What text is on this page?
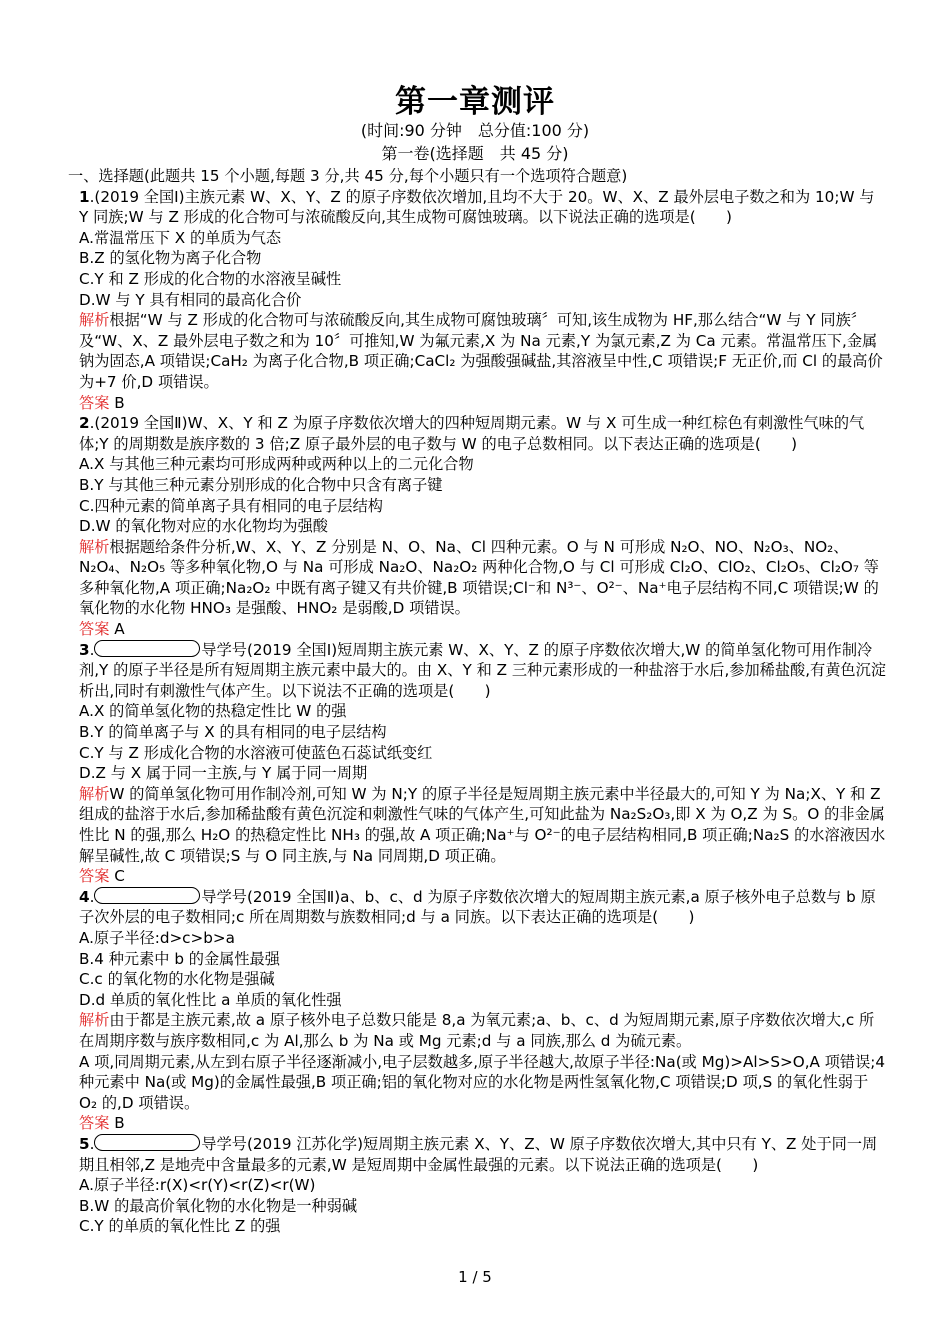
第一章测评
(时间:90 分钟　总分值:100 分)
第一卷(选择题　共 45 分)

一、选择题(此题共 15 个小题,每题 3 分,共 45 分,每个小题只有一个选项符合题意)

1.(2019 全国Ⅰ)主族元素 W、X、Y、Z 的原子序数依次增加,且均不大于 20。W、X、Z 最外层电子数之和为 10;W 与 Y 同族;W 与 Z 形成的化合物可与浓硫酸反向,其生成物可腐蚀玻璃。以下说法正确的选项是(　　)

A.常温常压下 X 的单质为气态

B.Z 的氢化物为离子化合物

C.Y 和 Z 形成的化合物的水溶液呈碱性

D.W 与 Y 具有相同的最高化合价

解析根据“W 与 Z 形成的化合物可与浓硫酸反向,其生成物可腐蚀玻璃〞可知,该生成物为 HF,那么结合“W 与 Y 同族〞及“W、X、Z 最外层电子数之和为 10〞可推知,W 为氟元素,X 为 Na 元素,Y 为氯元素,Z 为 Ca 元素。常温常压下,金属钠为固态,A 项错误;CaH₂ 为离子化合物,B 项正确;CaCl₂ 为强酸强碱盐,其溶液呈中性,C 项错误;F 无正价,而 Cl 的最高价为+7 价,D 项错误。

答案 B

2.(2019 全国Ⅱ)W、X、Y 和 Z 为原子序数依次增大的四种短周期元素。W 与 X 可生成一种红棕色有刺激性气味的气体;Y 的周期数是族序数的 3 倍;Z 原子最外层的电子数与 W 的电子总数相同。以下表达正确的选项是(　　)

A.X 与其他三种元素均可形成两种或两种以上的二元化合物

B.Y 与其他三种元素分别形成的化合物中只含有离子键

C.四种元素的简单离子具有相同的电子层结构

D.W 的氧化物对应的水化物均为强酸

解析根据题给条件分析,W、X、Y、Z 分别是 N、O、Na、Cl 四种元素。O 与 N 可形成 N₂O、NO、N₂O₃、NO₂、N₂O₄、N₂O₅ 等多种氧化物,O 与 Na 可形成 Na₂O、Na₂O₂ 两种化合物,O 与 Cl 可形成 Cl₂O、ClO₂、Cl₂O₅、Cl₂O₇ 等多种氧化物,A 项正确;Na₂O₂ 中既有离子键又有共价键,B 项错误;Cl⁻和 N³⁻、O²⁻、Na⁺电子层结构不同,C 项错误;W 的氧化物的水化物 HNO₃ 是强酸、HNO₂ 是弱酸,D 项错误。

答案 A

3.	导学号(2019 全国Ⅰ)短周期主族元素 W、X、Y、Z 的原子序数依次增大,W 的简单氢化物可用作制冷剂,Y 的原子半径是所有短周期主族元素中最大的。由 X、Y 和 Z 三种元素形成的一种盐溶于水后,参加稀盐酸,有黄色沉淀析出,同时有刺激性气体产生。以下说法不正确的选项是(　　)

A.X 的简单氢化物的热稳定性比 W 的强

B.Y 的简单离子与 X 的具有相同的电子层结构

C.Y 与 Z 形成化合物的水溶液可使蓝色石蕊试纸变红

D.Z 与 X 属于同一主族,与 Y 属于同一周期

解析W 的简单氢化物可用作制冷剂,可知 W 为 N;Y 的原子半径是短周期主族元素中半径最大的,可知 Y 为 Na;X、Y 和 Z 组成的盐溶于水后,参加稀盐酸有黄色沉淀和刺激性气味的气体产生,可知此盐为 Na₂S₂O₃,即 X 为 O,Z 为 S。O 的非金属性比 N 的强,那么 H₂O 的热稳定性比 NH₃ 的强,故 A 项正确;Na⁺与 O²⁻的电子层结构相同,B 项正确;Na₂S 的水溶液因水解呈碱性,故 C 项错误;S 与 O 同主族,与 Na 同周期,D 项正确。

答案 C

4.	导学号(2019 全国Ⅱ)a、b、c、d 为原子序数依次增大的短周期主族元素,a 原子核外电子总数与 b 原子次外层的电子数相同;c 所在周期数与族数相同;d 与 a 同族。以下表达正确的选项是(　　)

A.原子半径:d>c>b>a

B.4 种元素中 b 的金属性最强

C.c 的氧化物的水化物是强碱

D.d 单质的氧化性比 a 单质的氧化性强

解析由于都是主族元素,故 a 原子核外电子总数只能是 8,a 为氧元素;a、b、c、d 为短周期元素,原子序数依次增大,c 所在周期序数与族序数相同,c 为 Al,那么 b 为 Na 或 Mg 元素;d 与 a 同族,那么 d 为硫元素。

A 项,同周期元素,从左到右原子半径逐渐减小,电子层数越多,原子半径越大,故原子半径:Na(或 Mg)>Al>S>O,A 项错误;4 种元素中 Na(或 Mg)的金属性最强,B 项正确;铝的氧化物对应的水化物是两性氢氧化物,C 项错误;D 项,S 的氧化性弱于 O₂ 的,D 项错误。

答案 B

5.	导学号(2019 江苏化学)短周期主族元素 X、Y、Z、W 原子序数依次增大,其中只有 Y、Z 处于同一周期且相邻,Z 是地壳中含量最多的元素,W 是短周期中金属性最强的元素。以下说法正确的选项是(　　)

A.原子半径:r(X)<r(Y)<r(Z)<r(W)

B.W 的最高价氧化物的水化物是一种弱碱

C.Y 的单质的氧化性比 Z 的强

1 / 5
